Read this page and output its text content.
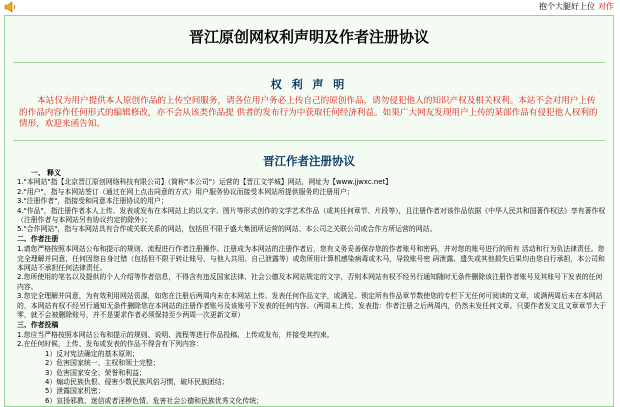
抱个大腿好上位 对作
晋江原创网权利声明及作者注册协议
权 利 声 明
本站仅为用户提供本人原创作品的上传空间服务，请各位用户务必上传自己的原创作品，请勿侵犯他人的知识产权及相关权利。本站不会对用户上传的作品内容作任何形式的编辑修改，亦不会从该类作品提 供者的发布行为中获取任何经济利益。如果广大网友发现用户上传的某部作品有侵犯他人权利的情形，欢迎来函告知。
晋江作者注册协议
一、 释义
1."本网站"指【北京晋江原创网络科技有限公司】（简称"本公司"）运营的【晋江文学城】网站，网址为【www.jjwxc.net】
2."用户"，指与本网站签订（通过在网上点击同意的方式）用户服务协议而接受本网站所提供服务的注册用户；
3."注册作者"，指接受和同意本注册协议的用户；
4."作品"，指注册作者本人上传、发表或发布在本网站上的以文字、图片等形式创作的文学艺术作品（或其任何章节、片段等），且注册作者对该作品依据《中华人民共和国著作权法》享有著作权（注册作者与本网站另有协议约定的除外）；
5."合作网站"，指与本网站具有合作或关联关系的网站，包括但不限于盛大集团所运营的网站、本公司之关联公司或合作方所运营的网站。
二、作者注册
1.请您严格按照本网站公布和提示的规则、流程进行作者注册操作。注册成为本网站的注册作者后，您有义务妥善保存您的作者账号和密码，并对您的账号进行的所有 活动和行为负法律责任。您完全理解并同意，任何因您自身过错（包括但不限于转让账号、与他人共用、自己泄露等）或您所用计算机感染病毒或木马，导致账号密 码泄露、遗失或其他损失后果均由您自行承担，本公司和本网站不承担任何法律责任。
2.您所使用的笔名以及提供的个人介绍等作者信息，不得含有违反国家法律、社会公德及本网站规定的文字，否则本网站有权不经另行通知随时无条件删除该注册作者账号及其账号下发表的任何内容。
3.您完全理解并同意，为有效利用网站资源，如您在注册后两周内未在本网站上传、发表任何作品文字，或满足、锁定所有作品章节数使您的专栏下无任何可阅读的文章，或满两周后未在本网站的，本网站有权不经另行通知无条件删除您在本网站的注册作者账号及该账号下发表的任何内容。（两周未上传、发表指：作者注册之后两周内，仍然未发任何文章。只要作者发文且文章章节大于零，就不会被删除账号，并不是要求作者必须保持至少两周一次更新文章）
三、作者投稿
1.您应当严格按照本网站公布和提示的规则、说明、流程等进行作品投稿、上传或发布，并接受其约束。
2.在任何时候，上传、发布或发表的作品不得含有下列内容：
1）反对宪法确定的基本原则；
2）危害国家统一、主权和领土完整；
3）危害国家安全、荣誉和利益；
4）煽动民族仇恨、侵害少数民族风俗习惯，破坏民族团结；
5）泄露国家机密；
6）宣扬邪教、迷信或者淫秽色情、危害社会公德和民族优秀文化传统；
